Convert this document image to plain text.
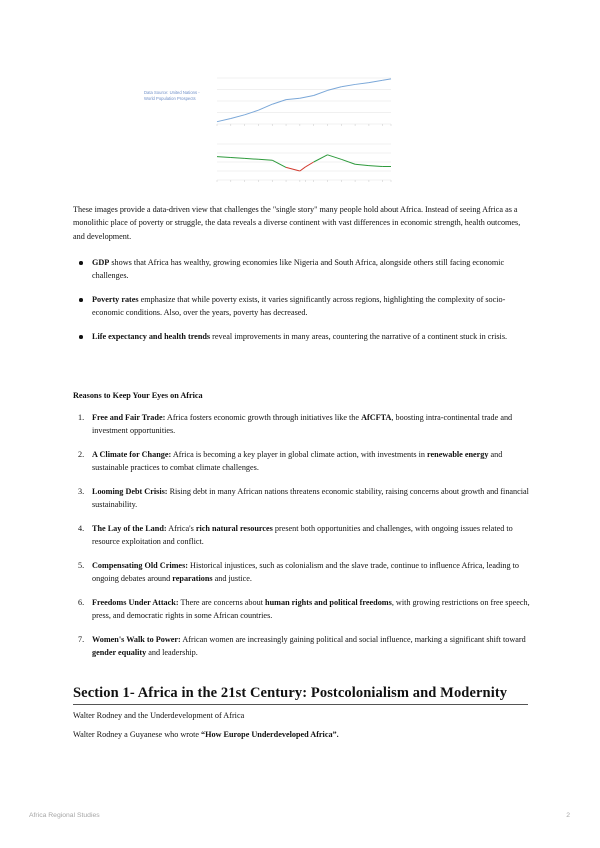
Data Source: United Nations - World Population Prospects
These images provide a data-driven view that challenges the "single story" many people hold about Africa. Instead of seeing Africa as a monolithic place of poverty or struggle, the data reveals a diverse continent with vast differences in economic strength, health outcomes, and development.
GDP shows that Africa has wealthy, growing economies like Nigeria and South Africa, alongside others still facing economic challenges.
Poverty rates emphasize that while poverty exists, it varies significantly across regions, highlighting the complexity of socio-economic conditions. Also, over the years, poverty has decreased.
Life expectancy and health trends reveal improvements in many areas, countering the narrative of a continent stuck in crisis.
Reasons to Keep Your Eyes on Africa
1. Free and Fair Trade: Africa fosters economic growth through initiatives like the AfCFTA, boosting intra-continental trade and investment opportunities.
2. A Climate for Change: Africa is becoming a key player in global climate action, with investments in renewable energy and sustainable practices to combat climate challenges.
3. Looming Debt Crisis: Rising debt in many African nations threatens economic stability, raising concerns about growth and financial sustainability.
4. The Lay of the Land: Africa's rich natural resources present both opportunities and challenges, with ongoing issues related to resource exploitation and conflict.
5. Compensating Old Crimes: Historical injustices, such as colonialism and the slave trade, continue to influence Africa, leading to ongoing debates around reparations and justice.
6. Freedoms Under Attack: There are concerns about human rights and political freedoms, with growing restrictions on free speech, press, and democratic rights in some African countries.
7. Women's Walk to Power: African women are increasingly gaining political and social influence, marking a significant shift toward gender equality and leadership.
Section 1- Africa in the 21st Century: Postcolonialism and Modernity
Walter Rodney and the Underdevelopment of Africa
Walter Rodney a Guyanese who wrote “How Europe Underdeveloped Africa”.
Africa Regional Studies	2
